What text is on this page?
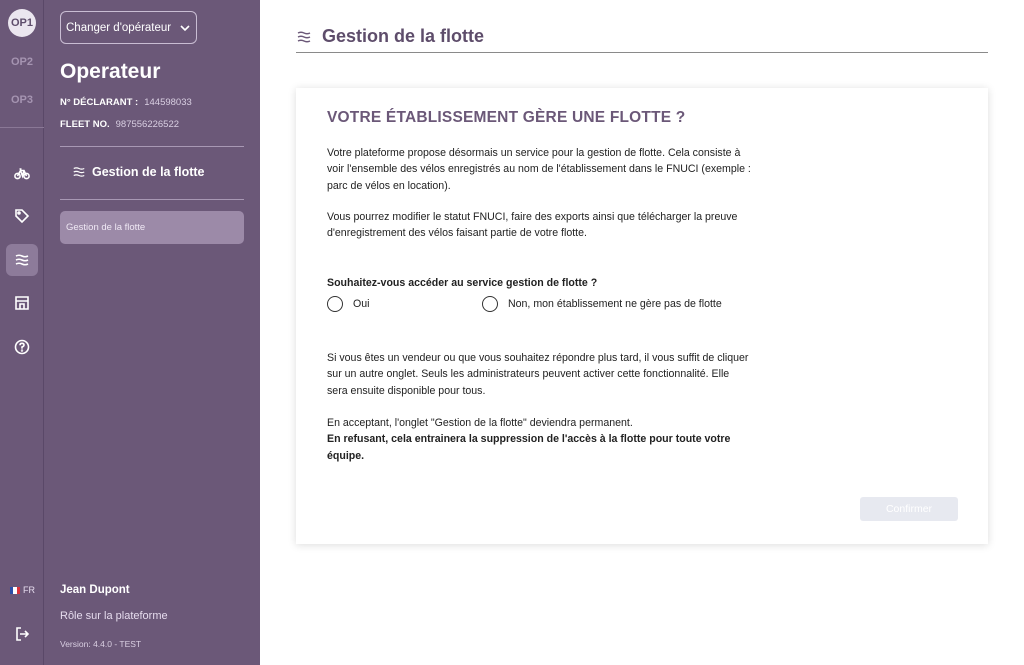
OP1
OP2
OP3
FR
Changer d'opérateur
Operateur
N° DÉCLARANT : 144598033
FLEET NO. 987556226522
Gestion de la flotte
Gestion de la flotte
Jean Dupont
Rôle sur la plateforme
Version: 4.4.0 - TEST
Gestion de la flotte
VOTRE ÉTABLISSEMENT GÈRE UNE FLOTTE ?
Votre plateforme propose désormais un service pour la gestion de flotte. Cela consiste à voir l'ensemble des vélos enregistrés au nom de l'établissement dans le FNUCI (exemple : parc de vélos en location).
Vous pourrez modifier le statut FNUCI, faire des exports ainsi que télécharger la preuve d'enregistrement des vélos faisant partie de votre flotte.
Souhaitez-vous accéder au service gestion de flotte ?
Oui	Non, mon établissement ne gère pas de flotte
Si vous êtes un vendeur ou que vous souhaitez répondre plus tard, il vous suffit de cliquer sur un autre onglet. Seuls les administrateurs peuvent activer cette fonctionnalité. Elle sera ensuite disponible pour tous.
En acceptant, l'onglet "Gestion de la flotte" deviendra permanent.
En refusant, cela entrainera la suppression de l'accès à la flotte pour toute votre équipe.
Confirmer
